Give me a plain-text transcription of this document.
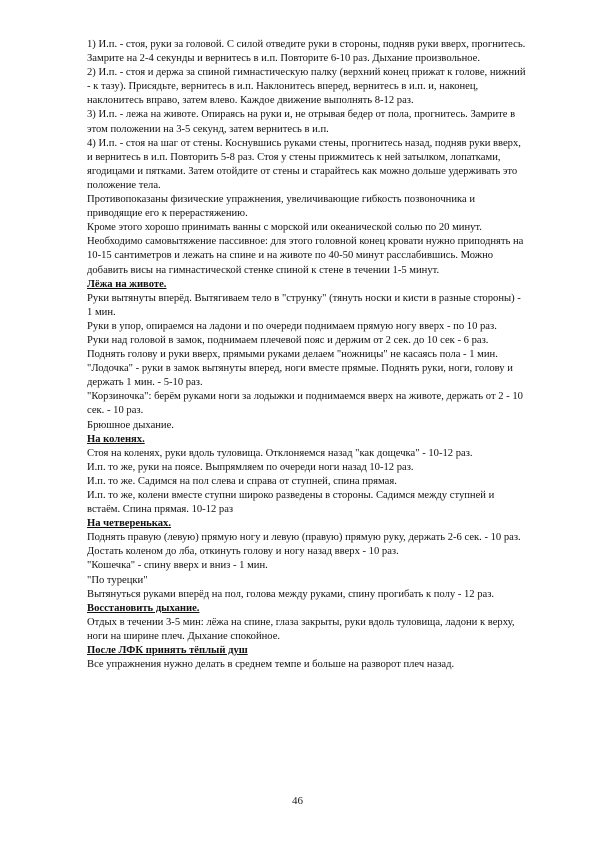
1) И.п. - стоя, руки за головой. С силой отведите руки в стороны, подняв руки вверх, прогнитесь. Замрите на 2-4 секунды и вернитесь в и.п. Повторите 6-10 раз. Дыхание произвольное.

2) И.п. - стоя и держа за спиной гимнастическую палку (верхний конец прижат к голове, нижний - к тазу). Присядьте, вернитесь в и.п. Наклонитесь вперед, вернитесь в и.п. и, наконец, наклонитесь вправо, затем влево. Каждое движение выполнять 8-12 раз.

3) И.п. - лежа на животе. Опираясь на руки и, не отрывая бедер от пола, прогнитесь. Замрите в этом положении на 3-5 секунд, затем вернитесь в и.п.

4) И.п. - стоя на шаг от стены. Коснувшись руками стены, прогнитесь назад, подняв руки вверх, и вернитесь в и.п. Повторить 5-8 раз. Стоя у стены прижмитесь к ней затылком, лопатками, ягодицами и пятками. Затем отойдите от стены и старайтесь как можно дольше удерживать это положение тела.

Противопоказаны физические упражнения, увеличивающие гибкость позвоночника и приводящие его к перерастяжению.

Кроме этого хорошо принимать ванны с морской или океанической солью по 20 минут.

Необходимо самовытяжение пассивное: для этого головной конец кровати нужно приподнять на 10-15 сантиметров и лежать на спине и на животе по 40-50 минут расслабившись. Можно добавить висы на гимнастической стенке спиной к стене в течении 1-5 минут.

Лёжа на животе.

Руки вытянуты вперёд. Вытягиваем тело в "струнку" (тянуть носки и кисти в разные стороны) - 1 мин.

Руки в упор, опираемся на ладони и по очереди поднимаем прямую ногу вверх - по 10 раз.

Руки над головой в замок, поднимаем плечевой пояс и держим от 2 сек. до 10 сек - 6 раз.

Поднять голову и руки вверх, прямыми руками делаем "ножницы" не касаясь пола - 1 мин.

"Лодочка" - руки в замок вытянуты вперед, ноги вместе прямые. Поднять руки, ноги, голову и держать 1 мин. - 5-10 раз.

"Корзиночка": берём руками ноги за лодыжки и поднимаемся вверх на животе, держать от 2 - 10 сек. - 10 раз.

Брюшное дыхание.

На коленях.

Стоя на коленях, руки вдоль туловища. Отклоняемся назад "как дощечка" - 10-12 раз.

И.п. то же, руки на поясе. Выпрямляем по очереди ноги назад 10-12 раз.

И.п. то же. Садимся на пол слева и справа от ступней, спина прямая.

И.п. то же, колени вместе ступни широко разведены в стороны. Садимся между ступней и встаём. Спина прямая. 10-12 раз

На четвереньках.

Поднять правую (левую) прямую ногу и левую (правую) прямую руку, держать 2-6 сек. - 10 раз.

Достать коленом до лба, откинуть голову и ногу назад вверх - 10 раз.

"Кошечка" - спину вверх и вниз - 1 мин.

"По турецки"

Вытянуться руками вперёд на пол, голова между руками, спину прогибать к полу - 12 раз.

Восстановить дыхание.

Отдых в течении 3-5 мин: лёжа на спине, глаза закрыты, руки вдоль туловища, ладони к верху, ноги на ширине плеч. Дыхание спокойное.

После ЛФК принять тёплый душ

Все упражнения нужно делать в среднем темпе и больше на разворот плеч назад.

46
